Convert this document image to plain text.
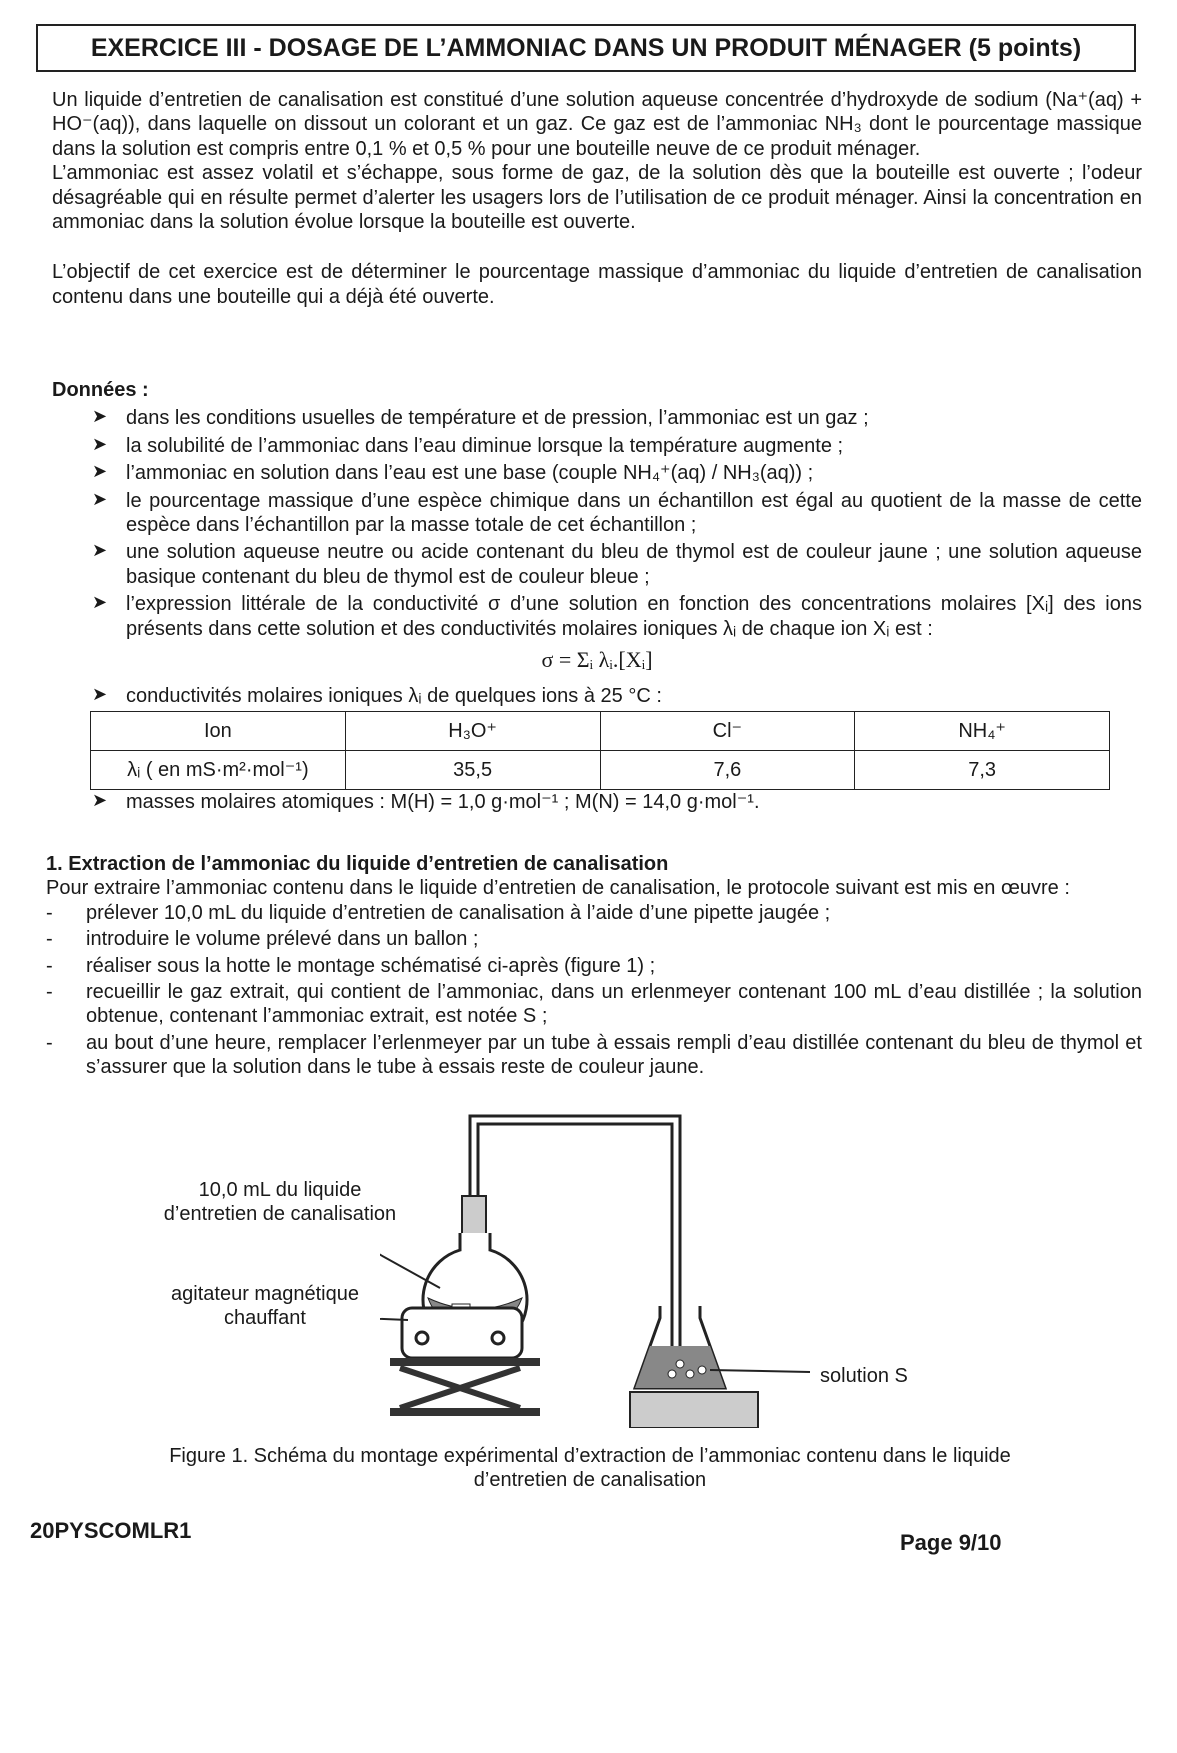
EXERCICE III - DOSAGE DE L’AMMONIAC DANS UN PRODUIT MÉNAGER (5 points)

Un liquide d’entretien de canalisation est constitué d’une solution aqueuse concentrée d’hydroxyde de sodium (Na⁺(aq) + HO⁻(aq)), dans laquelle on dissout un colorant et un gaz. Ce gaz est de l’ammoniac NH₃ dont le pourcentage massique dans la solution est compris entre 0,1 % et 0,5 % pour une bouteille neuve de ce produit ménager.

L’ammoniac est assez volatil et s’échappe, sous forme de gaz, de la solution dès que la bouteille est ouverte ; l’odeur désagréable qui en résulte permet d’alerter les usagers lors de l’utilisation de ce produit ménager. Ainsi la concentration en ammoniac dans la solution évolue lorsque la bouteille est ouverte.

L’objectif de cet exercice est de déterminer le pourcentage massique d’ammoniac du liquide d’entretien de canalisation contenu dans une bouteille qui a déjà été ouverte.

Données :
➤ dans les conditions usuelles de température et de pression, l’ammoniac est un gaz ;
➤ la solubilité de l’ammoniac dans l’eau diminue lorsque la température augmente ;
➤ l’ammoniac en solution dans l’eau est une base (couple NH₄⁺(aq) / NH₃(aq)) ;
➤ le pourcentage massique d’une espèce chimique dans un échantillon est égal au quotient de la masse de cette espèce dans l’échantillon par la masse totale de cet échantillon ;
➤ une solution aqueuse neutre ou acide contenant du bleu de thymol est de couleur jaune ; une solution aqueuse basique contenant du bleu de thymol est de couleur bleue ;
➤ l’expression littérale de la conductivité σ d’une solution en fonction des concentrations molaires [Xᵢ] des ions présents dans cette solution et des conductivités molaires ioniques λᵢ de chaque ion Xᵢ est :
σ = Σᵢ λᵢ.[Xᵢ]
➤ conductivités molaires ioniques λᵢ de quelques ions à 25 °C :
Ion	H₃O⁺	Cl⁻	NH₄⁺
λᵢ ( en mS·m²·mol⁻¹)	35,5	7,6	7,3
➤ masses molaires atomiques : M(H) = 1,0 g·mol⁻¹ ; M(N) = 14,0 g·mol⁻¹.
1. Extraction de l’ammoniac du liquide d’entretien de canalisation
Pour extraire l’ammoniac contenu dans le liquide d’entretien de canalisation, le protocole suivant est mis en œuvre :
- prélever 10,0 mL du liquide d’entretien de canalisation à l’aide d’une pipette jaugée ;
- introduire le volume prélevé dans un ballon ;
- réaliser sous la hotte le montage schématisé ci-après (figure 1) ;
- recueillir le gaz extrait, qui contient de l’ammoniac, dans un erlenmeyer contenant 100 mL d’eau distillée ; la solution obtenue, contenant l’ammoniac extrait, est notée S ;
- au bout d’une heure, remplacer l’erlenmeyer par un tube à essais rempli d’eau distillée contenant du bleu de thymol et s’assurer que la solution dans le tube à essais reste de couleur jaune.
10,0 mL du liquide
d’entretien de canalisation
agitateur magnétique
chauffant
solution S
Figure 1. Schéma du montage expérimental d’extraction de l’ammoniac contenu dans le liquide
d’entretien de canalisation
20PYSCOMLR1	Page 9/10
